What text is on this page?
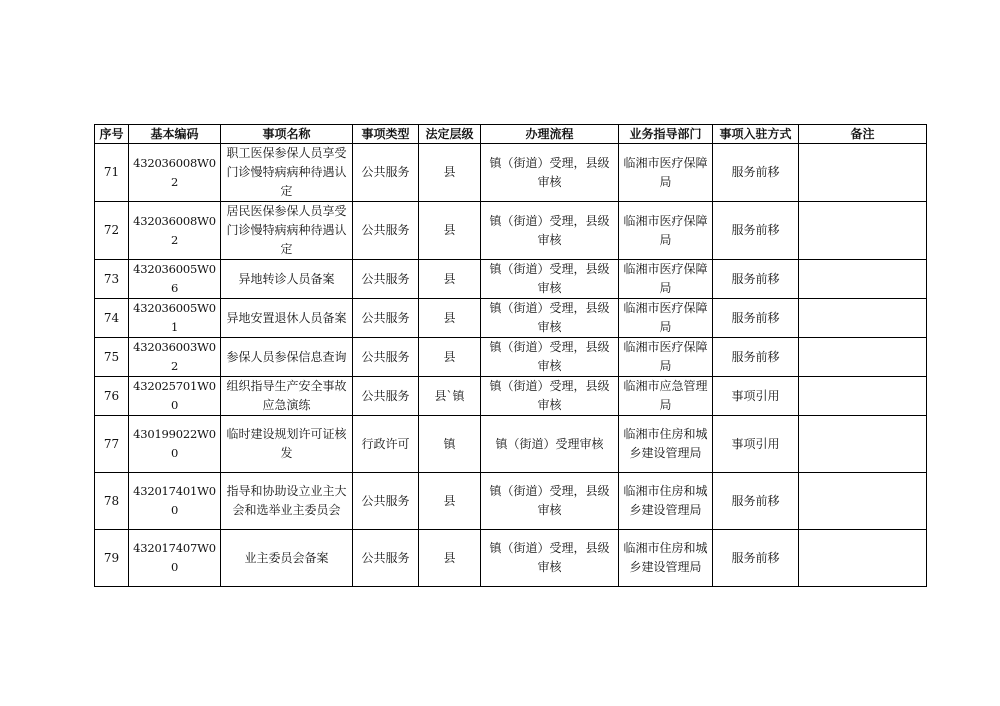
序号	基本编码	事项名称	事项类型	法定层级	办理流程	业务指导部门	事项入驻方式	备注
71	432036008W02	职工医保参保人员享受门诊慢特病病种待遇认定	公共服务	县	镇（街道）受理，县级审核	临湘市医疗保障局	服务前移	
72	432036008W02	居民医保参保人员享受门诊慢特病病种待遇认定	公共服务	县	镇（街道）受理，县级审核	临湘市医疗保障局	服务前移	
73	432036005W06	异地转诊人员备案	公共服务	县	镇（街道）受理，县级审核	临湘市医疗保障局	服务前移	
74	432036005W01	异地安置退休人员备案	公共服务	县	镇（街道）受理，县级审核	临湘市医疗保障局	服务前移	
75	432036003W02	参保人员参保信息查询	公共服务	县	镇（街道）受理，县级审核	临湘市医疗保障局	服务前移	
76	432025701W00	组织指导生产安全事故应急演练	公共服务	县`镇	镇（街道）受理，县级审核	临湘市应急管理局	事项引用	
77	430199022W00	临时建设规划许可证核发	行政许可	镇	镇（街道）受理审核	临湘市住房和城乡建设管理局	事项引用	
78	432017401W00	指导和协助设立业主大会和选举业主委员会	公共服务	县	镇（街道）受理，县级审核	临湘市住房和城乡建设管理局	服务前移	
79	432017407W00	业主委员会备案	公共服务	县	镇（街道）受理，县级审核	临湘市住房和城乡建设管理局	服务前移	
